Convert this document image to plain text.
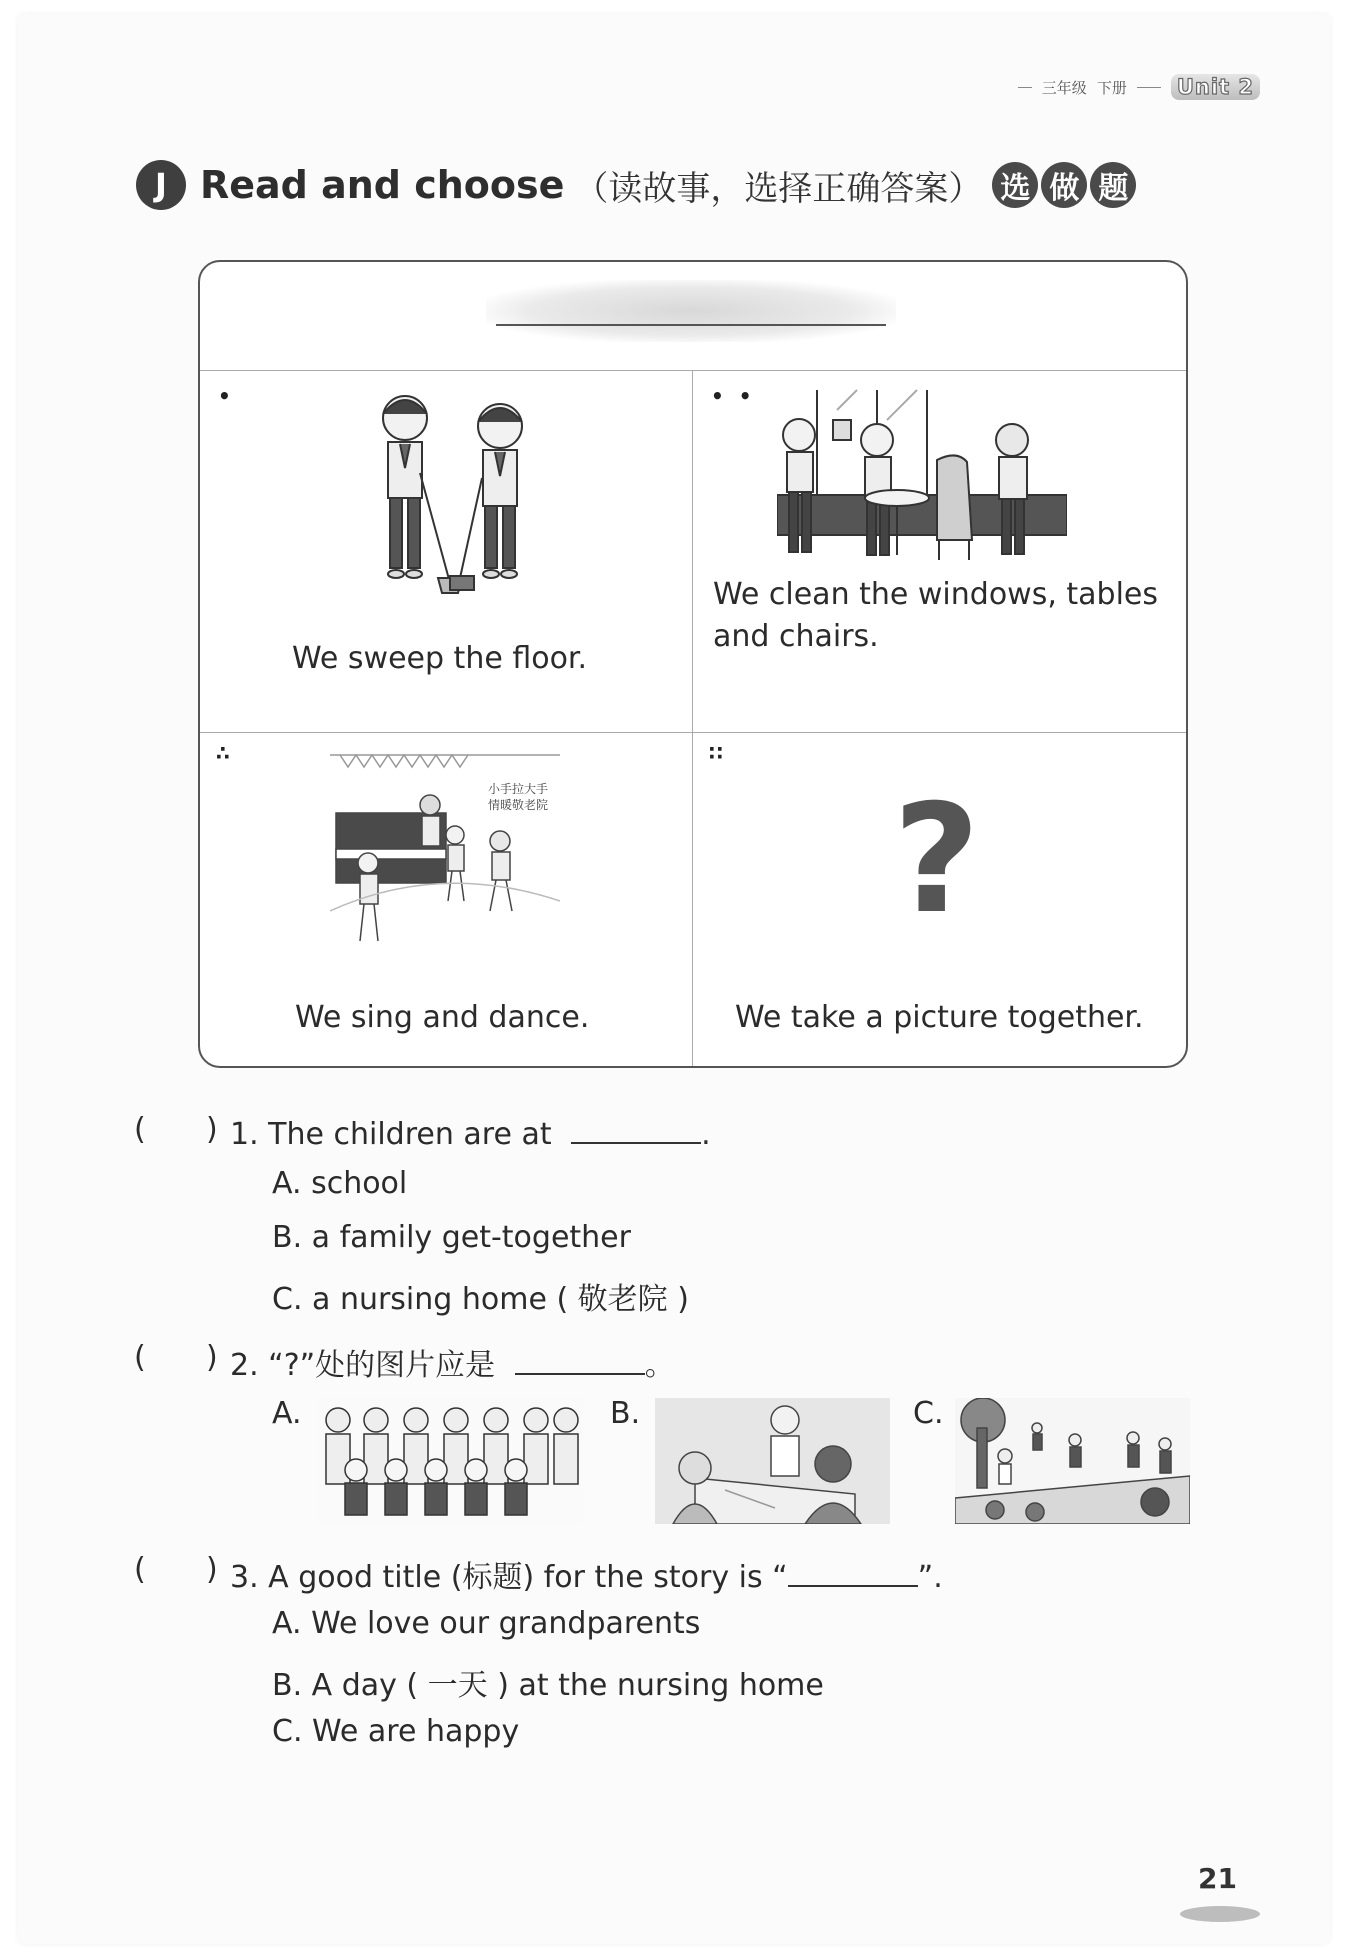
三年级 下册 Unit 2
J Read and choose （读故事，选择正确答案） 选 做 题
•
We sweep the floor.
• •
We clean the windows, tables and chairs.
∴
小手拉大手
情暖敬老院
We sing and dance.
∷
?
We take a picture together.
( ) 1. The children are at	.
A. school
B. a family get-together
C. a nursing home ( 敬老院 )
( ) 2. “?”处的图片应是	。
A.	B.	C.
( ) 3. A good title (标题) for the story is “	”.
A. We love our grandparents
B. A day ( 一天 ) at the nursing home
C. We are happy
21
